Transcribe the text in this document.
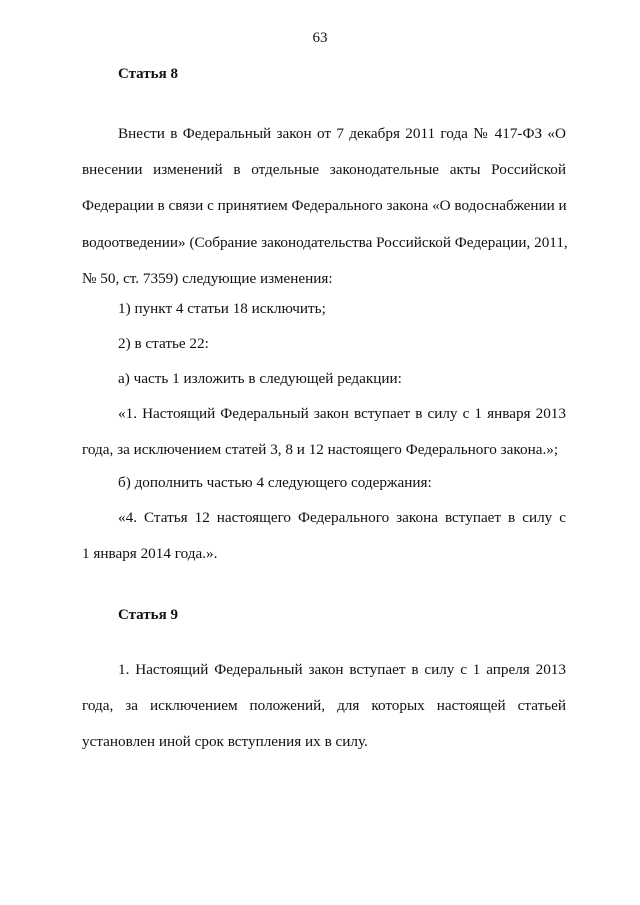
63
Статья 8
Внести в Федеральный закон от 7 декабря 2011 года № 417-ФЗ «О
внесении изменений в отдельные законодательные акты Российской
Федерации в связи с принятием Федерального закона «О водоснабжении и
водоотведении» (Собрание законодательства Российской Федерации, 2011,
№ 50, ст. 7359) следующие изменения:
1) пункт 4 статьи 18 исключить;
2) в статье 22:
а) часть 1 изложить в следующей редакции:
«1. Настоящий Федеральный закон вступает в силу с 1 января 2013
года, за исключением статей 3, 8 и 12 настоящего Федерального закона.»;
б) дополнить частью 4 следующего содержания:
«4. Статья 12 настоящего Федерального закона вступает в силу с
1 января 2014 года.».
Статья 9
1. Настоящий Федеральный закон вступает в силу с 1 апреля 2013
года, за исключением положений, для которых настоящей статьей
установлен иной срок вступления их в силу.
